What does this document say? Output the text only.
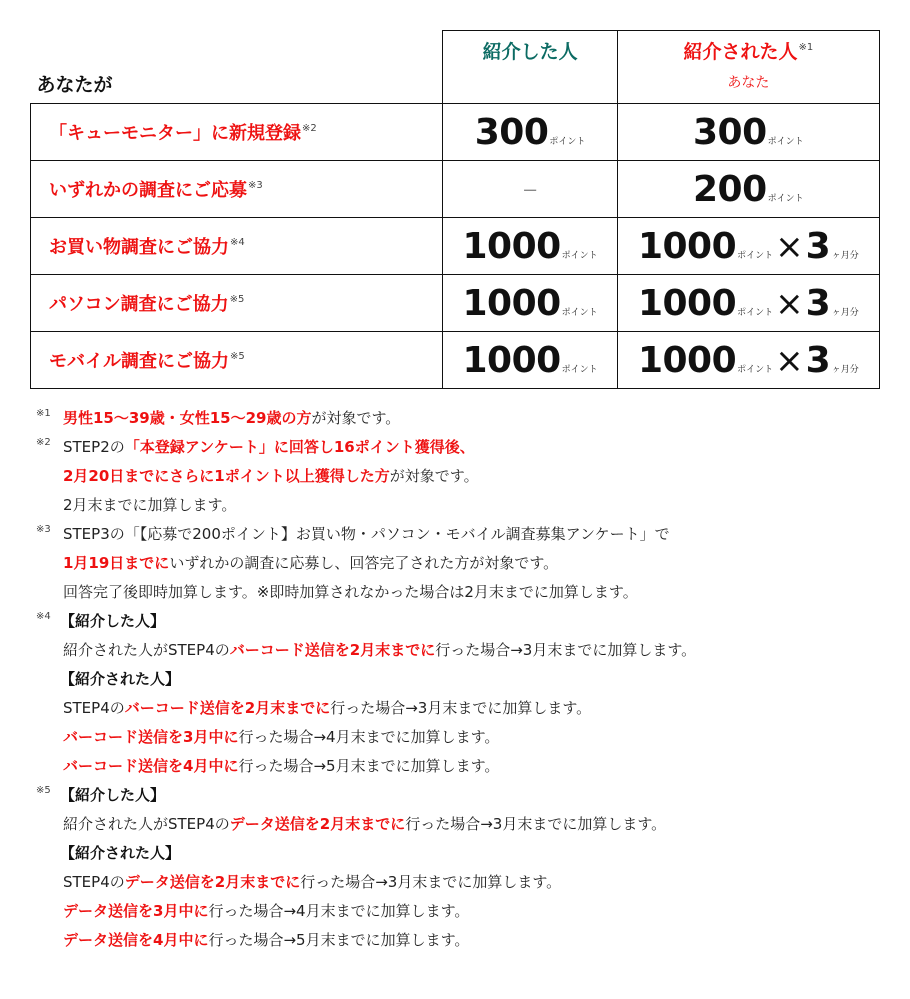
あなたが	紹介した人	紹介された人$^{※1}$
あなた

「キューモニター」に新規登録$^{※2}$	300ポイント	300ポイント
いずれかの調査にご応募$^{※3}$	－	200ポイント
お買い物調査にご協力$^{※4}$	1000ポイント	1000ポイント×3ヶ月分
パソコン調査にご協力$^{※5}$	1000ポイント	1000ポイント×3ヶ月分
モバイル調査にご協力$^{※5}$	1000ポイント	1000ポイント×3ヶ月分
※1 男性15～39歳・女性15～29歳の方が対象です。
※2 STEP2の「本登録アンケート」に回答し16ポイント獲得後、
2月20日までにさらに1ポイント以上獲得した方が対象です。
2月末までに加算します。
※3 STEP3の「【応募で200ポイント】お買い物・パソコン・モバイル調査募集アンケート」で
1月19日までにいずれかの調査に応募し、回答完了された方が対象です。
回答完了後即時加算します。※即時加算されなかった場合は2月末までに加算します。
※4 【紹介した人】
紹介された人がSTEP4のバーコード送信を2月末までに行った場合→3月末までに加算します。
【紹介された人】
STEP4のバーコード送信を2月末までに行った場合→3月末までに加算します。
バーコード送信を3月中に行った場合→4月末までに加算します。
バーコード送信を4月中に行った場合→5月末までに加算します。
※5 【紹介した人】
紹介された人がSTEP4のデータ送信を2月末までに行った場合→3月末までに加算します。
【紹介された人】
STEP4のデータ送信を2月末までに行った場合→3月末までに加算します。
データ送信を3月中に行った場合→4月末までに加算します。
データ送信を4月中に行った場合→5月末までに加算します。
